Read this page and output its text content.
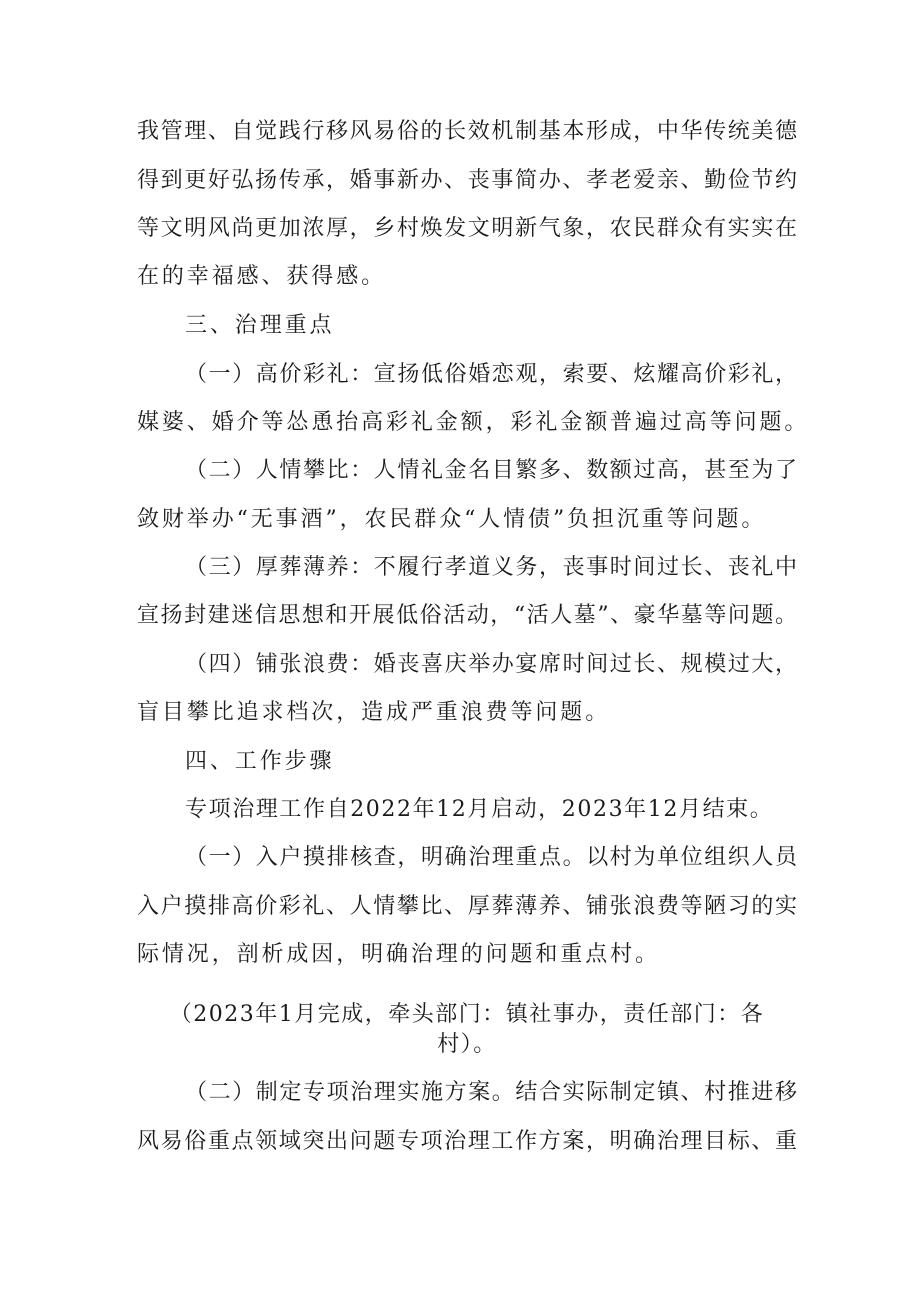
我管理、自觉践行移风易俗的长效机制基本形成，中华传统美德
得到更好弘扬传承，婚事新办、丧事简办、孝老爱亲、勤俭节约
等文明风尚更加浓厚，乡村焕发文明新气象，农民群众有实实在
在的幸福感、获得感。
三、治理重点
（一）高价彩礼：宣扬低俗婚恋观，索要、炫耀高价彩礼，
媒婆、婚介等怂恿抬高彩礼金额，彩礼金额普遍过高等问题。
（二）人情攀比：人情礼金名目繁多、数额过高，甚至为了
敛财举办“无事酒”，农民群众“人情债”负担沉重等问题。
（三）厚葬薄养：不履行孝道义务，丧事时间过长、丧礼中
宣扬封建迷信思想和开展低俗活动，“活人墓”、豪华墓等问题。
（四）铺张浪费：婚丧喜庆举办宴席时间过长、规模过大，
盲目攀比追求档次，造成严重浪费等问题。
四、工作步骤
专项治理工作自2022年12月启动，2023年12月结束。
（一）入户摸排核查，明确治理重点。以村为单位组织人员
入户摸排高价彩礼、人情攀比、厚葬薄养、铺张浪费等陋习的实
际情况，剖析成因，明确治理的问题和重点村。
（2023年1月完成，牵头部门：镇社事办，责任部门：各
村）。
（二）制定专项治理实施方案。结合实际制定镇、村推进移
风易俗重点领域突出问题专项治理工作方案，明确治理目标、重
